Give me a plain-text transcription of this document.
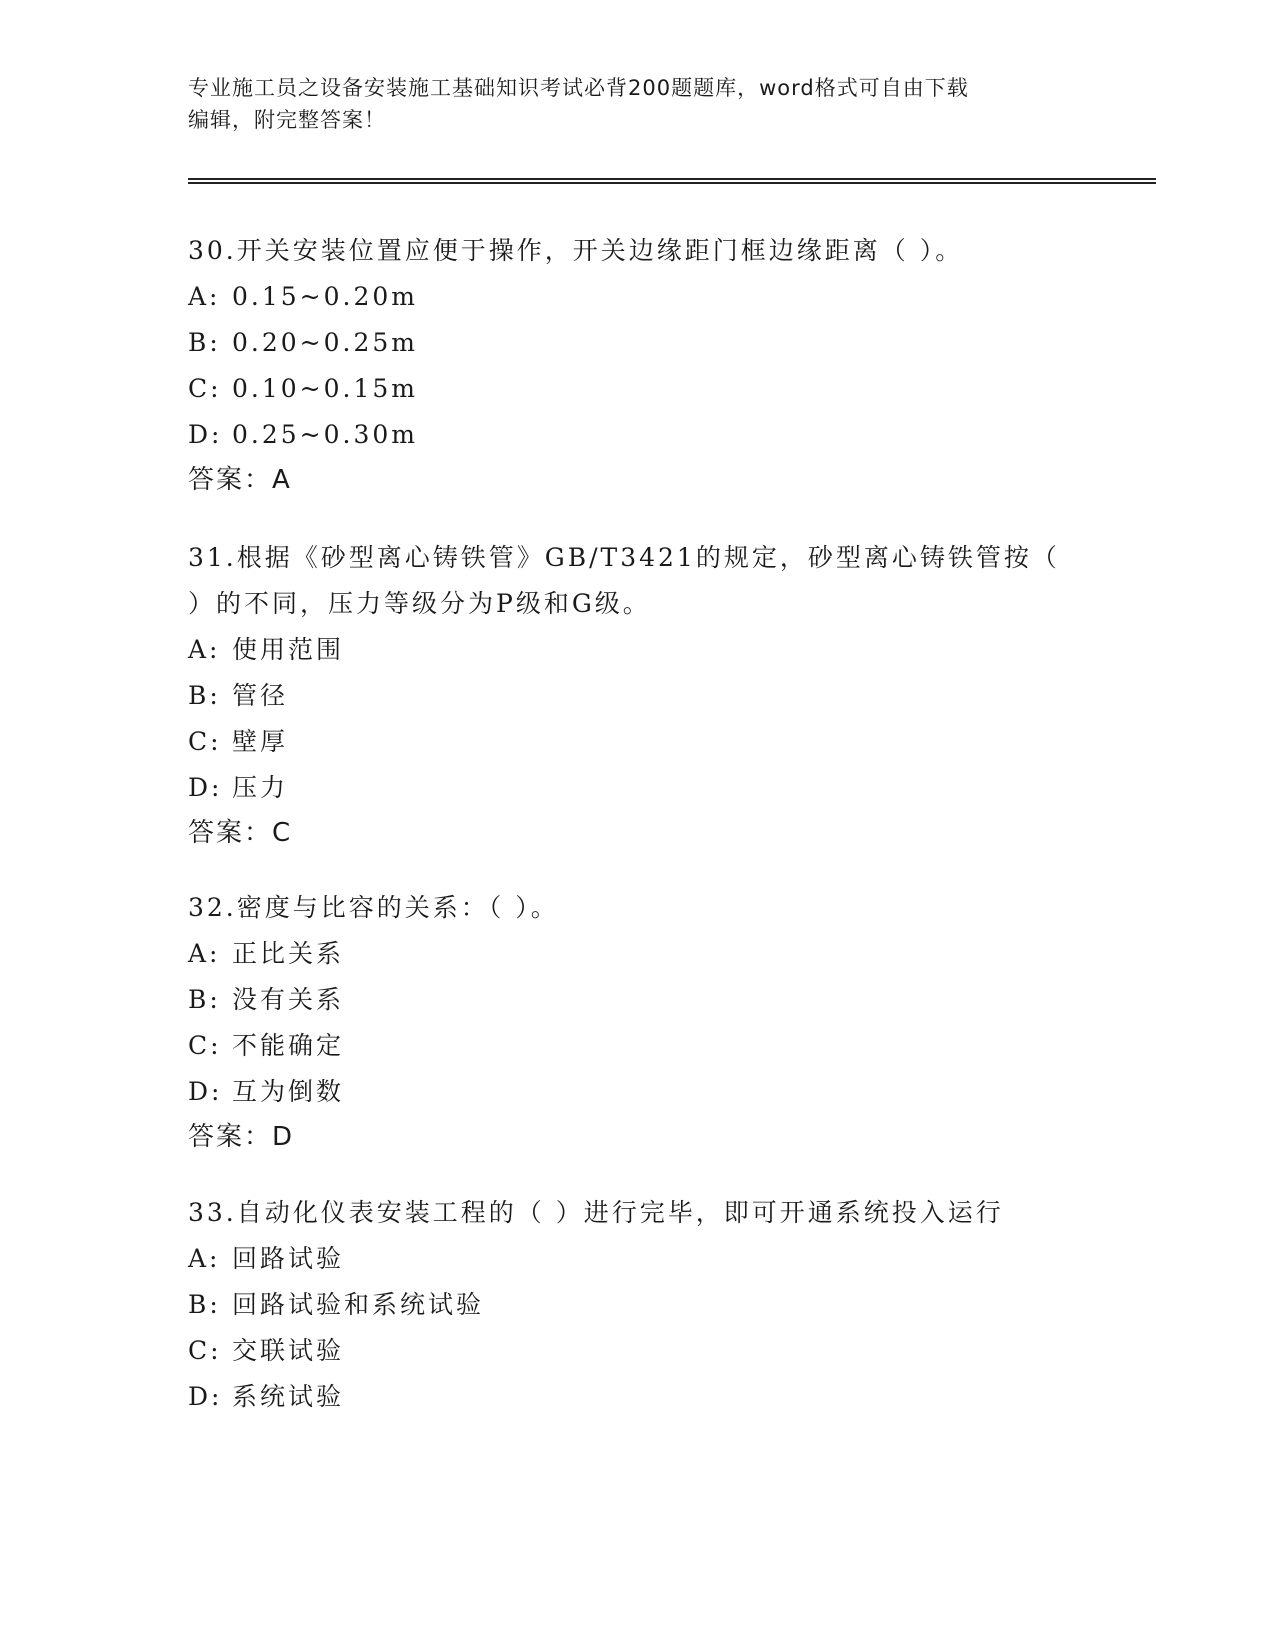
专业施工员之设备安装施工基础知识考试必背200题题库，word格式可自由下载
编辑，附完整答案！
30.开关安装位置应便于操作，开关边缘距门框边缘距离（ ）。
A: 0.15~0.20m
B: 0.20~0.25m
C: 0.10~0.15m
D: 0.25~0.30m
答案：A
31.根据《砂型离心铸铁管》GB/T3421的规定，砂型离心铸铁管按（
）的不同，压力等级分为P级和G级。
A: 使用范围
B: 管径
C: 壁厚
D: 压力
答案：C
32.密度与比容的关系：（ ）。
A: 正比关系
B: 没有关系
C: 不能确定
D: 互为倒数
答案：D
33.自动化仪表安装工程的（ ）进行完毕，即可开通系统投入运行
A: 回路试验
B: 回路试验和系统试验
C: 交联试验
D: 系统试验
